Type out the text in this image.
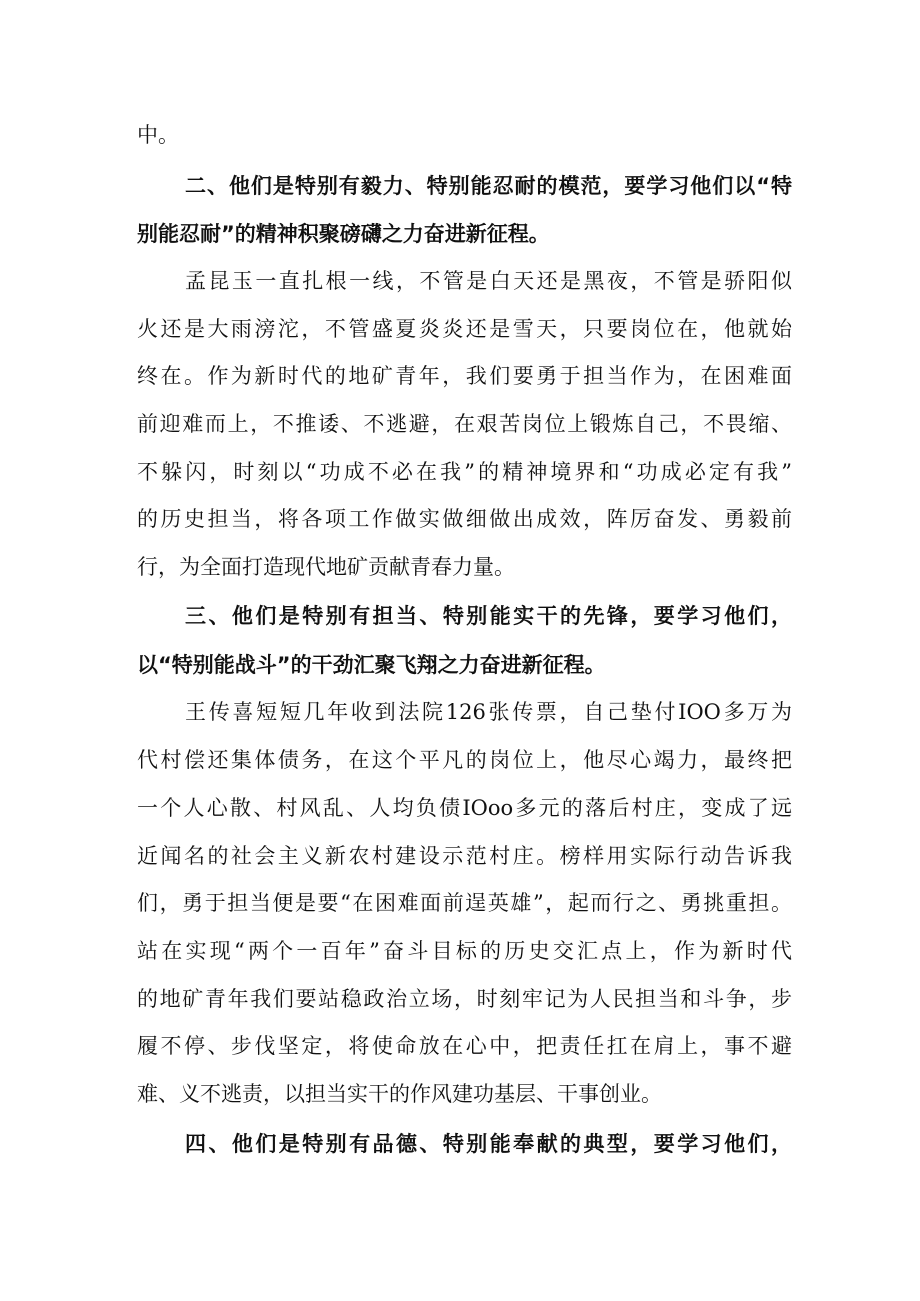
中。

二、他们是特别有毅力、特别能忍耐的模范，要学习他们以“特

别能忍耐”的精神积聚磅礴之力奋进新征程。

孟昆玉一直扎根一线，不管是白天还是黑夜，不管是骄阳似

火还是大雨滂沱，不管盛夏炎炎还是雪天，只要岗位在，他就始

终在。作为新时代的地矿青年，我们要勇于担当作为，在困难面

前迎难而上，不推诿、不逃避，在艰苦岗位上锻炼自己，不畏缩、

不躲闪，时刻以“功成不必在我”的精神境界和“功成必定有我”

的历史担当，将各项工作做实做细做出成效，阵厉奋发、勇毅前

行，为全面打造现代地矿贡献青春力量。

三、他们是特别有担当、特别能实干的先锋，要学习他们，

以“特别能战斗”的干劲汇聚飞翔之力奋进新征程。

王传喜短短几年收到法院126张传票，自己垫付IOO多万为

代村偿还集体债务，在这个平凡的岗位上，他尽心竭力，最终把

一个人心散、村风乱、人均负债IOoo多元的落后村庄，变成了远

近闻名的社会主义新农村建设示范村庄。榜样用实际行动告诉我

们，勇于担当便是要“在困难面前逞英雄”，起而行之、勇挑重担。

站在实现“两个一百年”奋斗目标的历史交汇点上，作为新时代

的地矿青年我们要站稳政治立场，时刻牢记为人民担当和斗争，步

履不停、步伐坚定，将使命放在心中，把责任扛在肩上，事不避

难、义不逃责，以担当实干的作风建功基层、干事创业。

四、他们是特别有品德、特别能奉献的典型，要学习他们，
